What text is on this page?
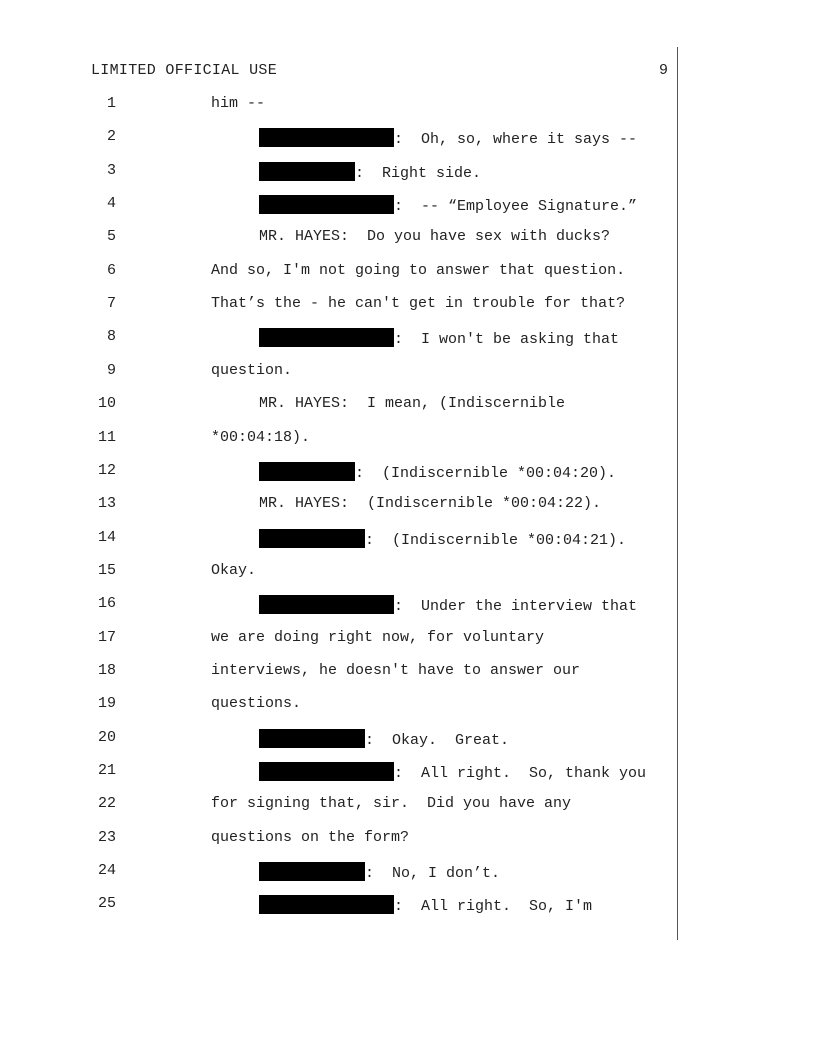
LIMITED OFFICIAL USE	9
1	him --
2	:  Oh, so, where it says --
3	:  Right side.
4	:  -- “Employee Signature.”
5	MR. HAYES:  Do you have sex with ducks?
6	And so, I'm not going to answer that question.
7	That’s the - he can't get in trouble for that?
8	:  I won't be asking that
9	question.
10	MR. HAYES:  I mean, (Indiscernible
11	*00:04:18).
12	:  (Indiscernible *00:04:20).
13	MR. HAYES:  (Indiscernible *00:04:22).
14	:  (Indiscernible *00:04:21).
15	Okay.
16	:  Under the interview that
17	we are doing right now, for voluntary
18	interviews, he doesn't have to answer our
19	questions.
20	:  Okay.  Great.
21	:  All right.  So, thank you
22	for signing that, sir.  Did you have any
23	questions on the form?
24	:  No, I don’t.
25	:  All right.  So, I'm
